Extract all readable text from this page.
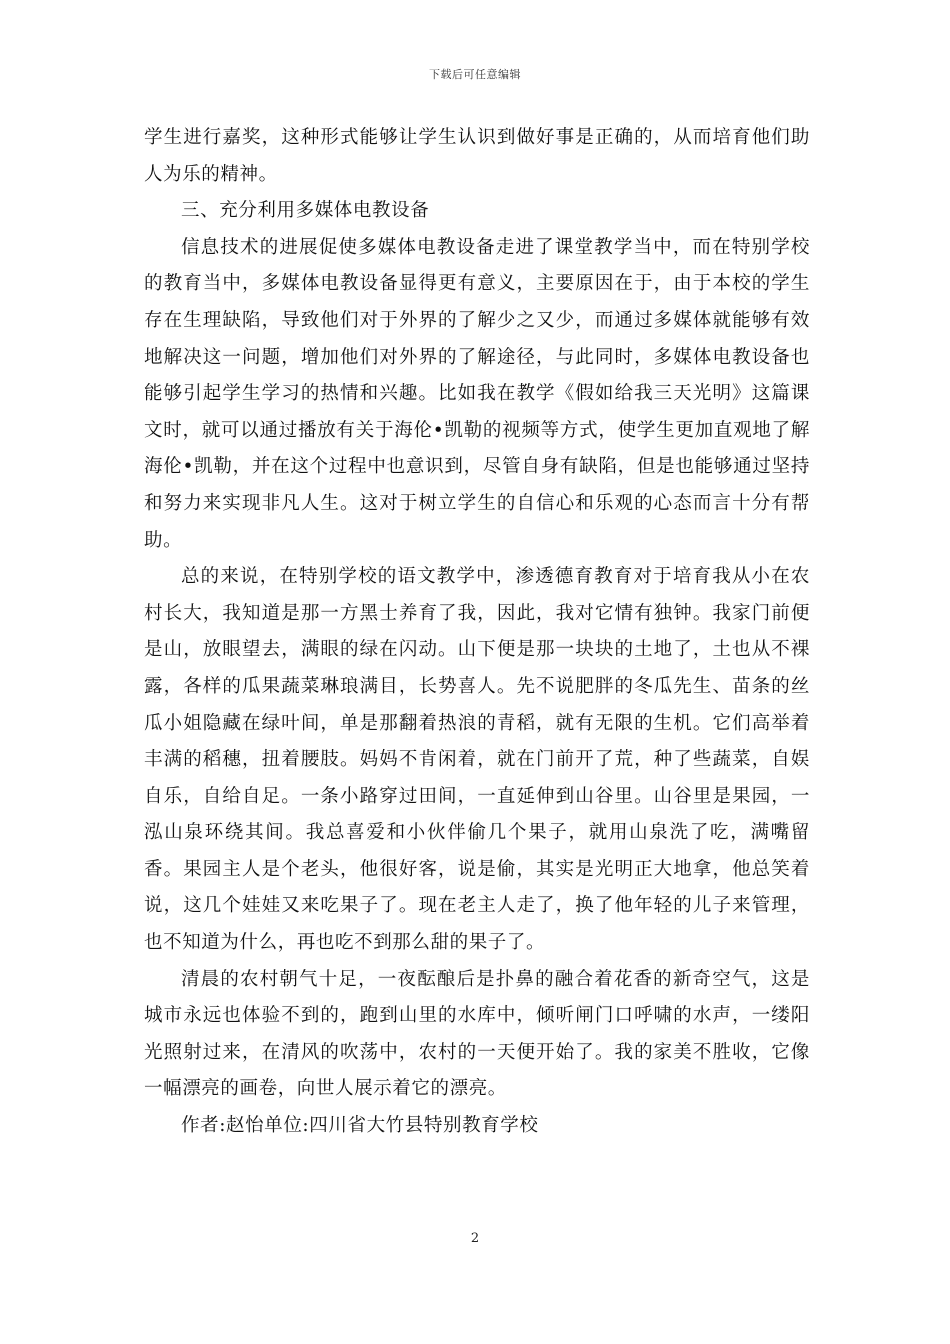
下载后可任意编辑

学生进行嘉奖，这种形式能够让学生认识到做好事是正确的，从而培育他们助人为乐的精神。

三、充分利用多媒体电教设备

信息技术的进展促使多媒体电教设备走进了课堂教学当中，而在特别学校的教育当中，多媒体电教设备显得更有意义，主要原因在于，由于本校的学生存在生理缺陷，导致他们对于外界的了解少之又少，而通过多媒体就能够有效地解决这一问题，增加他们对外界的了解途径，与此同时，多媒体电教设备也能够引起学生学习的热情和兴趣。比如我在教学《假如给我三天光明》这篇课文时，就可以通过播放有关于海伦•凯勒的视频等方式，使学生更加直观地了解海伦•凯勒，并在这个过程中也意识到，尽管自身有缺陷，但是也能够通过坚持和努力来实现非凡人生。这对于树立学生的自信心和乐观的心态而言十分有帮助。

总的来说，在特别学校的语文教学中，渗透德育教育对于培育我从小在农村长大，我知道是那一方黑士养育了我，因此，我对它情有独钟。我家门前便是山，放眼望去，满眼的绿在闪动。山下便是那一块块的土地了，土也从不裸露，各样的瓜果蔬菜琳琅满目，长势喜人。先不说肥胖的冬瓜先生、苗条的丝瓜小姐隐藏在绿叶间，单是那翻着热浪的青稻，就有无限的生机。它们高举着丰满的稻穗，扭着腰肢。妈妈不肯闲着，就在门前开了荒，种了些蔬菜，自娱自乐，自给自足。一条小路穿过田间，一直延伸到山谷里。山谷里是果园，一泓山泉环绕其间。我总喜爱和小伙伴偷几个果子，就用山泉洗了吃，满嘴留香。果园主人是个老头，他很好客，说是偷，其实是光明正大地拿，他总笑着说，这几个娃娃又来吃果子了。现在老主人走了，换了他年轻的儿子来管理，也不知道为什么，再也吃不到那么甜的果子了。

清晨的农村朝气十足，一夜酝酿后是扑鼻的融合着花香的新奇空气，这是城市永远也体验不到的，跑到山里的水库中，倾听闸门口呼啸的水声，一缕阳光照射过来，在清风的吹荡中，农村的一天便开始了。我的家美不胜收，它像一幅漂亮的画卷，向世人展示着它的漂亮。

作者:赵怡单位:四川省大竹县特别教育学校

2
